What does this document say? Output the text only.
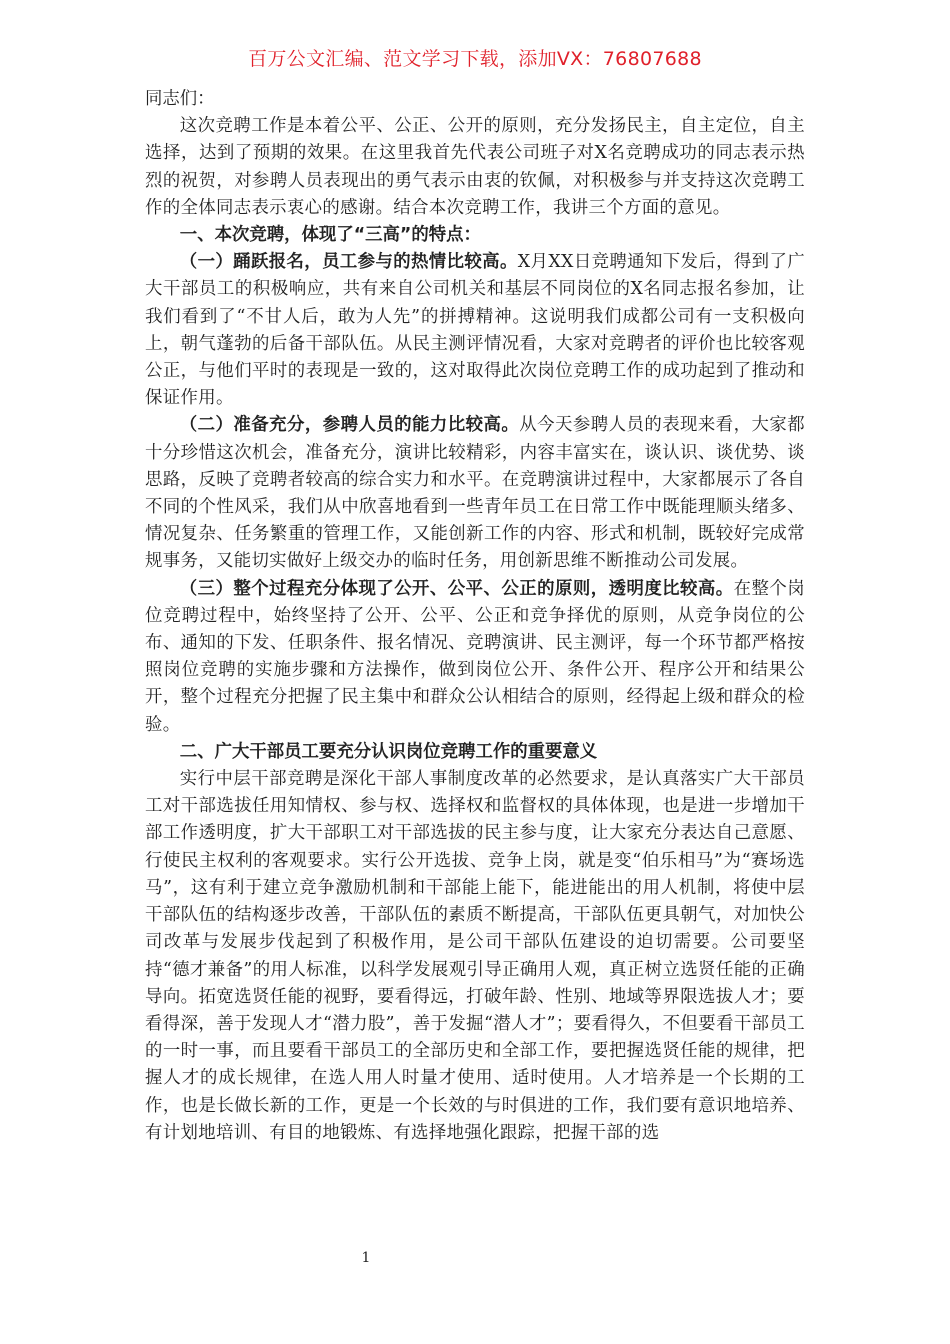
百万公文汇编、范文学习下载，添加VX：76807688

同志们：

这次竞聘工作是本着公平、公正、公开的原则，充分发扬民主，自主定位，自主选择，达到了预期的效果。在这里我首先代表公司班子对X名竞聘成功的同志表示热烈的祝贺，对参聘人员表现出的勇气表示由衷的钦佩，对积极参与并支持这次竞聘工作的全体同志表示衷心的感谢。结合本次竞聘工作，我讲三个方面的意见。

一、本次竞聘，体现了“三高”的特点：

（一）踊跃报名，员工参与的热情比较高。X月XX日竞聘通知下发后，得到了广大干部员工的积极响应，共有来自公司机关和基层不同岗位的X名同志报名参加，让我们看到了“不甘人后，敢为人先”的拼搏精神。这说明我们成都公司有一支积极向上，朝气蓬勃的后备干部队伍。从民主测评情况看，大家对竞聘者的评价也比较客观公正，与他们平时的表现是一致的，这对取得此次岗位竞聘工作的成功起到了推动和保证作用。

（二）准备充分，参聘人员的能力比较高。从今天参聘人员的表现来看，大家都十分珍惜这次机会，准备充分，演讲比较精彩，内容丰富实在，谈认识、谈优势、谈思路，反映了竞聘者较高的综合实力和水平。在竞聘演讲过程中，大家都展示了各自不同的个性风采，我们从中欣喜地看到一些青年员工在日常工作中既能理顺头绪多、情况复杂、任务繁重的管理工作，又能创新工作的内容、形式和机制，既较好完成常规事务，又能切实做好上级交办的临时任务，用创新思维不断推动公司发展。

（三）整个过程充分体现了公开、公平、公正的原则，透明度比较高。在整个岗位竞聘过程中，始终坚持了公开、公平、公正和竞争择优的原则，从竞争岗位的公布、通知的下发、任职条件、报名情况、竞聘演讲、民主测评，每一个环节都严格按照岗位竞聘的实施步骤和方法操作，做到岗位公开、条件公开、程序公开和结果公开，整个过程充分把握了民主集中和群众公认相结合的原则，经得起上级和群众的检验。

二、广大干部员工要充分认识岗位竞聘工作的重要意义

实行中层干部竞聘是深化干部人事制度改革的必然要求，是认真落实广大干部员工对干部选拔任用知情权、参与权、选择权和监督权的具体体现，也是进一步增加干部工作透明度，扩大干部职工对干部选拔的民主参与度，让大家充分表达自己意愿、行使民主权利的客观要求。实行公开选拔、竞争上岗，就是变“伯乐相马”为“赛场选马”，这有利于建立竞争激励机制和干部能上能下，能进能出的用人机制，将使中层干部队伍的结构逐步改善，干部队伍的素质不断提高，干部队伍更具朝气，对加快公司改革与发展步伐起到了积极作用，是公司干部队伍建设的迫切需要。公司要坚持“德才兼备”的用人标准，以科学发展观引导正确用人观，真正树立选贤任能的正确导向。拓宽选贤任能的视野，要看得远，打破年龄、性别、地域等界限选拔人才；要看得深，善于发现人才“潜力股”，善于发掘“潜人才”；要看得久，不但要看干部员工的一时一事，而且要看干部员工的全部历史和全部工作，要把握选贤任能的规律，把握人才的成长规律，在选人用人时量才使用、适时使用。人才培养是一个长期的工作，也是长做长新的工作，更是一个长效的与时俱进的工作，我们要有意识地培养、有计划地培训、有目的地锻炼、有选择地强化跟踪，把握干部的选

1
